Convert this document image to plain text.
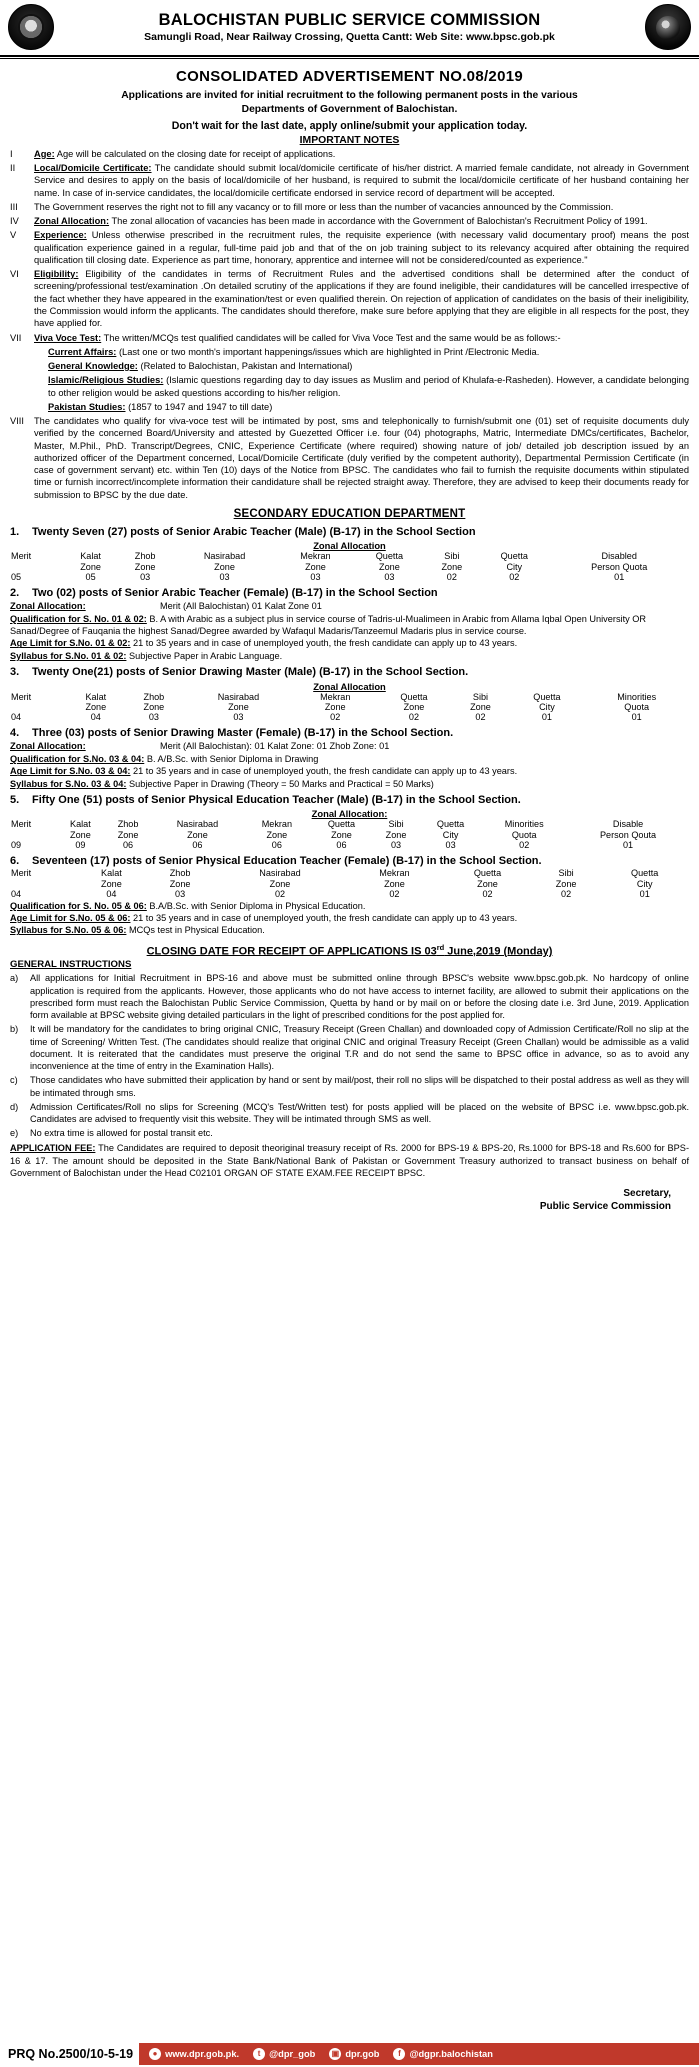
BALOCHISTAN PUBLIC SERVICE COMMISSION
Samungli Road, Near Railway Crossing, Quetta Cantt: Web Site: www.bpsc.gob.pk
CONSOLIDATED ADVERTISEMENT NO.08/2019
Applications are invited for initial recruitment to the following permanent posts in the various
Departments of Government of Balochistan.
Don't wait for the last date, apply online/submit your application today.
IMPORTANT NOTES
I	Age: Age will be calculated on the closing date for receipt of applications.
II	Local/Domicile Certificate: The candidate should submit local/domicile certificate of his/her district. A married female candidate, not already in Government Service and desires to apply on the basis of local/domicile of her husband, is required to submit the local/domicile certificate of her husband containing her name. In case of in-service candidates, the local/domicile certificate endorsed in service record of department will be accepted.
III	The Government reserves the right not to fill any vacancy or to fill more or less than the number of vacancies announced by the Commission.
IV	Zonal Allocation: The zonal allocation of vacancies has been made in accordance with the Government of Balochistan's Recruitment Policy of 1991.
V	Experience: Unless otherwise prescribed in the recruitment rules, the requisite experience (with necessary valid documentary proof) means the post qualification experience gained in a regular, full-time paid job and that of the on job training subject to its relevancy acquired after obtaining the required qualification till closing date. Experience as part time, honorary, apprentice and internee will not be considered/counted as experience."
VI	Eligibility: Eligibility of the candidates in terms of Recruitment Rules and the advertised conditions shall be determined after the conduct of screening/professional test/examination .On detailed scrutiny of the applications if they are found ineligible, their candidatures will be cancelled irrespective of the fact whether they have appeared in the examination/test or even qualified therein. On rejection of application of candidates on the basis of their ineligibility, the Commission would inform the applicants. The candidates should therefore, make sure before applying that they are eligible in all respects for the post, they have applied for.
VII	Viva Voce Test: The written/MCQs test qualified candidates will be called for Viva Voce Test and the same would be as follows:-
Current Affairs: (Last one or two month's important happenings/issues which are highlighted in Print /Electronic Media.
General Knowledge: (Related to Balochistan, Pakistan and International)
Islamic/Religious Studies: (Islamic questions regarding day to day issues as Muslim and period of Khulafa-e-Rasheden). However, a candidate belonging to other religion would be asked questions according to his/her religion.
Pakistan Studies: (1857 to 1947 and 1947 to till date)
VIII	The candidates who qualify for viva-voce test will be intimated by post, sms and telephonically to furnish/submit one (01) set of requisite documents duly verified by the concerned Board/University and attested by Guezetted Officer i.e. four (04) photographs, Matric, Intermediate DMCs/certificates, Bachelor, Master, M.Phil., PhD. Transcript/Degrees, CNIC, Experience Certificate (where required) showing nature of job/ detailed job description issued by an authorized officer of the Department concerned, Local/Domicile Certificate (duly verified by the competent authority), Departmental Permission Certificate (in case of government servant) etc. within Ten (10) days of the Notice from BPSC. The candidates who fail to furnish the requisite documents within stipulated time or furnish incorrect/incomplete information their candidature shall be rejected straight away. Therefore, they are advised to keep their documents ready for submission to BPSC by the due date.
SECONDARY EDUCATION DEPARTMENT
1.	Twenty Seven (27) posts of Senior Arabic Teacher (Male) (B-17) in the School Section
Zonal Allocation
Merit	Kalat	Zhob	Nasirabad	Mekran	Quetta	Sibi	Quetta	Disabled
	Zone	Zone	Zone	Zone	Zone	Zone	City	Person Quota
05	05	03	03	03	03	02	02	01
2.	Two (02) posts of Senior Arabic Teacher (Female) (B-17) in the School Section
Zonal Allocation:	Merit (All Balochistan) 01 Kalat Zone 01
Qualification for S. No. 01 & 02: B. A with Arabic as a subject plus in service course of Tadris-ul-Mualimeen in Arabic from Allama Iqbal Open University OR Sanad/Degree of Fauqania the highest Sanad/Degree awarded by Wafaqul Madaris/Tanzeemul Madaris plus in service course.
Age Limit for S.No. 01 & 02: 21 to 35 years and in case of unemployed youth, the fresh candidate can apply up to 43 years.
Syllabus for S.No. 01 & 02: Subjective Paper in Arabic Language.
3.	Twenty One(21) posts of Senior Drawing Master (Male) (B-17) in the School Section.
Zonal Allocation
Merit	Kalat	Zhob	Nasirabad	Mekran	Quetta	Sibi	Quetta	Minorities
	Zone	Zone	Zone	Zone	Zone	Zone	City	Quota
04	04	03	03	02	02	02	01	01
4.	Three (03) posts of Senior Drawing Master (Female) (B-17) in the School Section.
Zonal Allocation:	Merit (All Balochistan): 01 Kalat Zone: 01 Zhob Zone: 01
Qualification for S.No. 03 & 04: B. A/B.Sc. with Senior Diploma in Drawing
Age Limit for S.No. 03 & 04: 21 to 35 years and in case of unemployed youth, the fresh candidate can apply up to 43 years.
Syllabus for S.No. 03 & 04: Subjective Paper in Drawing (Theory = 50 Marks and Practical = 50 Marks)
5.	Fifty One (51) posts of Senior Physical Education Teacher (Male) (B-17) in the School Section.
Zonal Allocation:
Merit	Kalat	Zhob	Nasirabad	Mekran	Quetta	Sibi	Quetta	Minorities	Disable
	Zone	Zone	Zone	Zone	Zone	Zone	City	Quota	Person Qouta
09	09	06	06	06	06	03	03	02	01
6.	Seventeen (17) posts of Senior Physical Education Teacher (Female) (B-17) in the School Section.
Merit	Kalat	Zhob	Nasirabad	Mekran	Quetta	Sibi	Quetta
	Zone	Zone	Zone	Zone	Zone	Zone	City
04	04	03	02	02	02	02	01
Qualification for S. No. 05 & 06: B.A/B.Sc. with Senior Diploma in Physical Education.
Age Limit for S.No. 05 & 06: 21 to 35 years and in case of unemployed youth, the fresh candidate can apply up to 43 years.
Syllabus for S.No. 05 & 06: MCQs test in Physical Education.
CLOSING DATE FOR RECEIPT OF APPLICATIONS IS 03rd June,2019 (Monday)
GENERAL INSTRUCTIONS
a)	All applications for Initial Recruitment in BPS-16 and above must be submitted online through BPSC's website www.bpsc.gob.pk. No hardcopy of online application is required from the applicants. However, those applicants who do not have access to internet facility, are allowed to submit their applications on the prescribed form must reach the Balochistan Public Service Commission, Quetta by hand or by mail on or before the closing date i.e. 3rd June, 2019. Application form available at BPSC website giving detailed particulars in the light of prescribed conditions for the post applied for.
b)	It will be mandatory for the candidates to bring original CNIC, Treasury Receipt (Green Challan) and downloaded copy of Admission Certificate/Roll no slip at the time of Screening/ Written Test. (The candidates should realize that original CNIC and original Treasury Receipt (Green Challan) would be admissible as a valid document. It is reiterated that the candidates must preserve the original T.R and do not send the same to BPSC office in advance, so as to avoid any inconvenience at the time of entry in the Examination Halls).
c)	Those candidates who have submitted their application by hand or sent by mail/post, their roll no slips will be dispatched to their postal address as well as they will be intimated through sms.
d)	Admission Certificates/Roll no slips for Screening (MCQ's Test/Written test) for posts applied will be placed on the website of BPSC i.e. www.bpsc.gob.pk. Candidates are advised to frequently visit this website. They will be intimated through SMS as well.
e)	No extra time is allowed for postal transit etc.
APPLICATION FEE: The Candidates are required to deposit theoriginal treasury receipt of Rs. 2000 for BPS-19 & BPS-20, Rs.1000 for BPS-18 and Rs.600 for BPS-16 & 17. The amount should be deposited in the State Bank/National Bank of Pakistan or Government Treasury authorized to transact business on behalf of Government of Balochistan under the Head C02101 ORGAN OF STATE EXAM.FEE RECEIPT BPSC.
Secretary,
Public Service Commission
PRQ No.2500/10-5-19	● www.dpr.gob.pk.	t @dpr_gob ▣ dpr.gob	f @dgpr.balochistan
